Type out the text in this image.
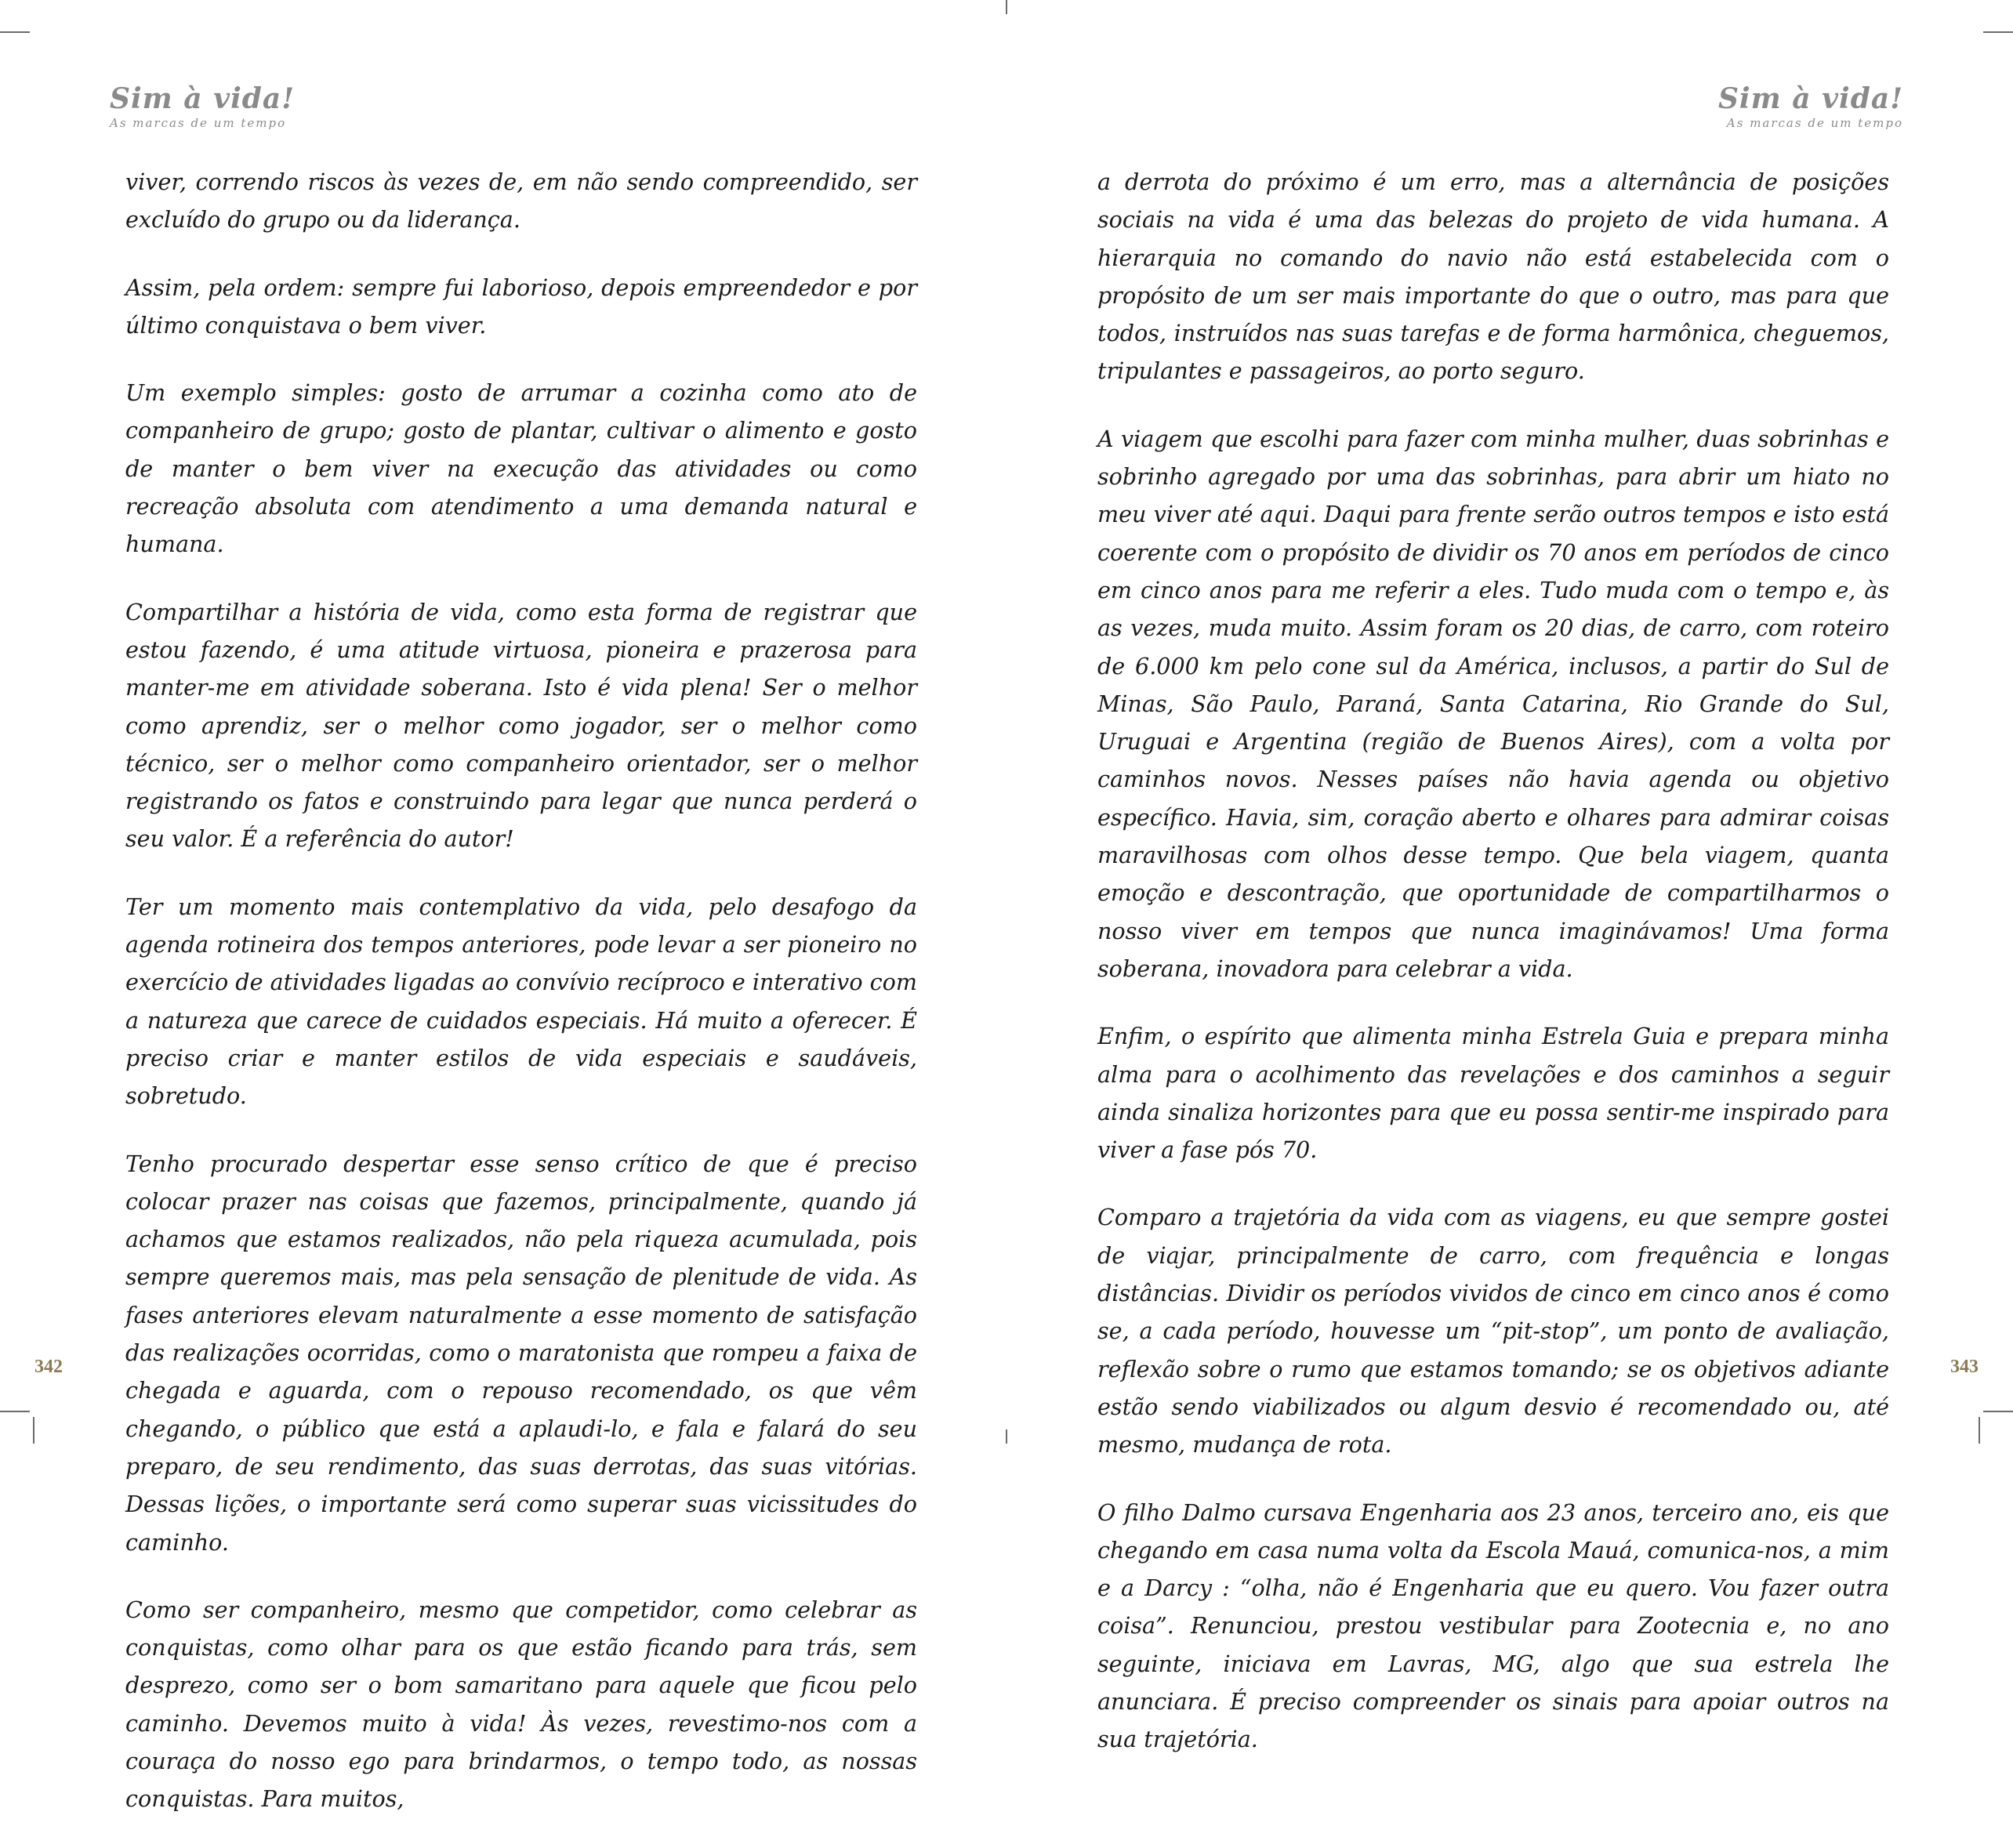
Sim à vida!
As marcas de um tempo

viver, correndo riscos às vezes de, em não sendo compreendido, ser excluído do grupo ou da liderança.

Assim, pela ordem: sempre fui laborioso, depois empreendedor e por último conquistava o bem viver.

Um exemplo simples: gosto de arrumar a cozinha como ato de companheiro de grupo; gosto de plantar, cultivar o alimento e gosto de manter o bem viver na execução das atividades ou como recreação absoluta com atendimento a uma demanda natural e humana.

Compartilhar a história de vida, como esta forma de registrar que estou fazendo, é uma atitude virtuosa, pioneira e prazerosa para manter-me em atividade soberana. Isto é vida plena! Ser o melhor como aprendiz, ser o melhor como jogador, ser o melhor como técnico, ser o melhor como companheiro orientador, ser o melhor registrando os fatos e construindo para legar que nunca perderá o seu valor. É a referência do autor!

Ter um momento mais contemplativo da vida, pelo desafogo da agenda rotineira dos tempos anteriores, pode levar a ser pioneiro no exercício de atividades ligadas ao convívio recíproco e interativo com a natureza que carece de cuidados especiais. Há muito a oferecer. É preciso criar e manter estilos de vida especiais e saudáveis, sobretudo.

Tenho procurado despertar esse senso crítico de que é preciso colocar prazer nas coisas que fazemos, principalmente, quando já achamos que estamos realizados, não pela riqueza acumulada, pois sempre queremos mais, mas pela sensação de plenitude de vida. As fases anteriores elevam naturalmente a esse momento de satisfação das realizações ocorridas, como o maratonista que rompeu a faixa de chegada e aguarda, com o repouso recomendado, os que vêm chegando, o público que está a aplaudi-lo, e fala e falará do seu preparo, de seu rendimento, das suas derrotas, das suas vitórias. Dessas lições, o importante será como superar suas vicissitudes do caminho.

Como ser companheiro, mesmo que competidor, como celebrar as conquistas, como olhar para os que estão ficando para trás, sem desprezo, como ser o bom samaritano para aquele que ficou pelo caminho. Devemos muito à vida! Às vezes, revestimo-nos com a couraça do nosso ego para brindarmos, o tempo todo, as nossas conquistas. Para muitos,

342
Sim à vida!
As marcas de um tempo

a derrota do próximo é um erro, mas a alternância de posições sociais na vida é uma das belezas do projeto de vida humana. A hierarquia no comando do navio não está estabelecida com o propósito de um ser mais importante do que o outro, mas para que todos, instruídos nas suas tarefas e de forma harmônica, cheguemos, tripulantes e passageiros, ao porto seguro.

A viagem que escolhi para fazer com minha mulher, duas sobrinhas e sobrinho agregado por uma das sobrinhas, para abrir um hiato no meu viver até aqui. Daqui para frente serão outros tempos e isto está coerente com o propósito de dividir os 70 anos em períodos de cinco em cinco anos para me referir a eles. Tudo muda com o tempo e, às as vezes, muda muito. Assim foram os 20 dias, de carro, com roteiro de 6.000 km pelo cone sul da América, inclusos, a partir do Sul de Minas, São Paulo, Paraná, Santa Catarina, Rio Grande do Sul, Uruguai e Argentina (região de Buenos Aires), com a volta por caminhos novos. Nesses países não havia agenda ou objetivo específico. Havia, sim, coração aberto e olhares para admirar coisas maravilhosas com olhos desse tempo. Que bela viagem, quanta emoção e descontração, que oportunidade de compartilharmos o nosso viver em tempos que nunca imaginávamos! Uma forma soberana, inovadora para celebrar a vida.

Enfim, o espírito que alimenta minha Estrela Guia e prepara minha alma para o acolhimento das revelações e dos caminhos a seguir ainda sinaliza horizontes para que eu possa sentir-me inspirado para viver a fase pós 70.

Comparo a trajetória da vida com as viagens, eu que sempre gostei de viajar, principalmente de carro, com frequência e longas distâncias. Dividir os períodos vividos de cinco em cinco anos é como se, a cada período, houvesse um “pit-stop”, um ponto de avaliação, reflexão sobre o rumo que estamos tomando; se os objetivos adiante estão sendo viabilizados ou algum desvio é recomendado ou, até mesmo, mudança de rota.

O filho Dalmo cursava Engenharia aos 23 anos, terceiro ano, eis que chegando em casa numa volta da Escola Mauá, comunica-nos, a mim e a Darcy : “olha, não é Engenharia que eu quero. Vou fazer outra coisa”. Renunciou, prestou vestibular para Zootecnia e, no ano seguinte, iniciava em Lavras, MG, algo que sua estrela lhe anunciara. É preciso compreender os sinais para apoiar outros na sua trajetória.

343
